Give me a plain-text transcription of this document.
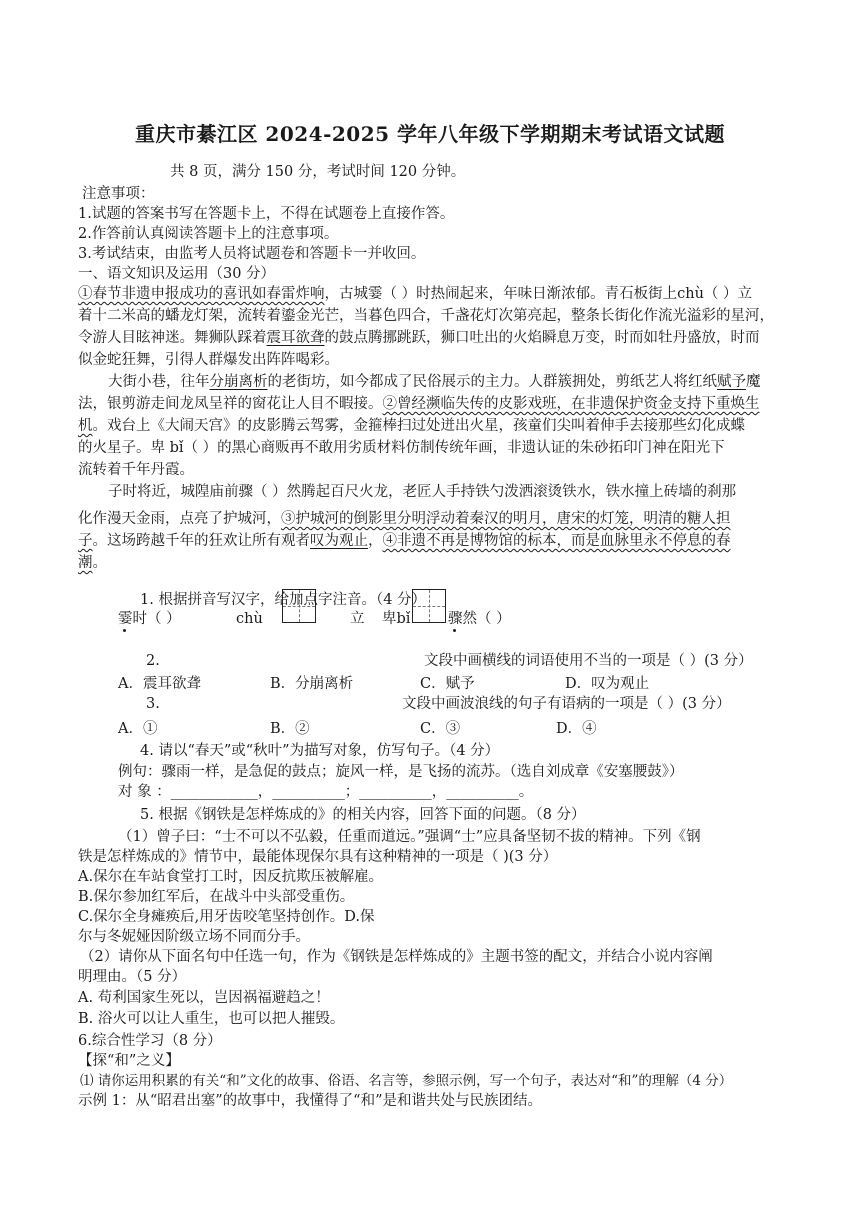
重庆市綦江区 2024-2025 学年八年级下学期期末考试语文试题
共 8 页，满分 150 分，考试时间 120 分钟。
注意事项：
1.试题的答案书写在答题卡上，不得在试题卷上直接作答。
2.作答前认真阅读答题卡上的注意事项。
3.考试结束，由监考人员将试题卷和答题卡一并收回。
一、语文知识及运用（30 分）
①春节非遗申报成功的喜讯如春雷炸响，古城霎（ ）时热闹起来，年味日渐浓郁。青石板街上chù（ ）立
着十二米高的蟠龙灯架，流转着鎏金光芒，当暮色四合，千盏花灯次第亮起，整条长街化作流光溢彩的星河，
令游人目眩神迷。舞狮队踩着震耳欲聋的鼓点腾挪跳跃，狮口吐出的火焰瞬息万变，时而如牡丹盛放，时而
似金蛇狂舞，引得人群爆发出阵阵喝彩。
大街小巷，往年分崩离析的老街坊，如今都成了民俗展示的主力。人群簇拥处，剪纸艺人将红纸赋予魔
法，银剪游走间龙凤呈祥的窗花让人目不暇接。②曾经濒临失传的皮影戏班，在非遗保护资金支持下重焕生
机。戏台上《大闹天宫》的皮影腾云驾雾，金箍棒扫过处迸出火星，孩童们尖叫着伸手去接那些幻化成蝶
的火星子。卑 bǐ（ ）的黑心商贩再不敢用劣质材料仿制传统年画，非遗认证的朱砂拓印门神在阳光下
流转着千年丹霞。
子时将近，城隍庙前骤（ ）然腾起百尺火龙，老匠人手持铁勺泼洒滚烫铁水，铁水撞上砖墙的刹那
化作漫天金雨，点亮了护城河，③护城河的倒影里分明浮动着秦汉的明月，唐宋的灯笼，明清的糖人担
子。这场跨越千年的狂欢让所有观者叹为观止，④非遗不再是博物馆的标本，而是血脉里永不停息的春
潮。
1. 根据拼音写汉字，给加点字注音。（4 分）
霎时（ ）	chù	立 卑bǐ	骤然（ ）
2.	文段中画横线的词语使用不当的一项是（ ）(3 分）
A．震耳欲聋	B．分崩离析	C．赋予	D．叹为观止
3.	文段中画波浪线的句子有语病的一项是（ ）(3 分）
A．①	B．②	C．③	D．④
4. 请以“春天”或“秋叶”为描写对象，仿写句子。（4 分）
例句：骤雨一样，是急促的鼓点；旋风一样，是飞扬的流苏。（选自刘成章《安塞腰鼓》）
对 象 ：____________，__________；__________，__________。
5. 根据《钢铁是怎样炼成的》的相关内容，回答下面的问题。（8 分）
（1）曾子曰：“士不可以不弘毅，任重而道远。”强调“士”应具备坚韧不拔的精神。下列《钢
铁是怎样炼成的》情节中，最能体现保尔具有这种精神的一项是（ )(3 分）
A.保尔在车站食堂打工时，因反抗欺压被解雇。
B.保尔参加红军后，在战斗中头部受重伤。
C.保尔全身瘫痪后,用牙齿咬笔坚持创作。D.保
尔与冬妮娅因阶级立场不同而分手。
（2）请你从下面名句中任选一句，作为《钢铁是怎样炼成的》主题书签的配文，并结合小说内容阐
明理由。（5 分）
A. 苟利国家生死以，岂因祸福避趋之！
B. 浴火可以让人重生，也可以把人摧毁。
6.综合性学习（8 分）
【探“和”之义】
⑴ 请你运用积累的有关“和”文化的故事、俗语、名言等，参照示例，写一个句子，表达对“和”的理解（4 分）
示例 1：从“昭君出塞”的故事中，我懂得了“和”是和谐共处与民族团结。
